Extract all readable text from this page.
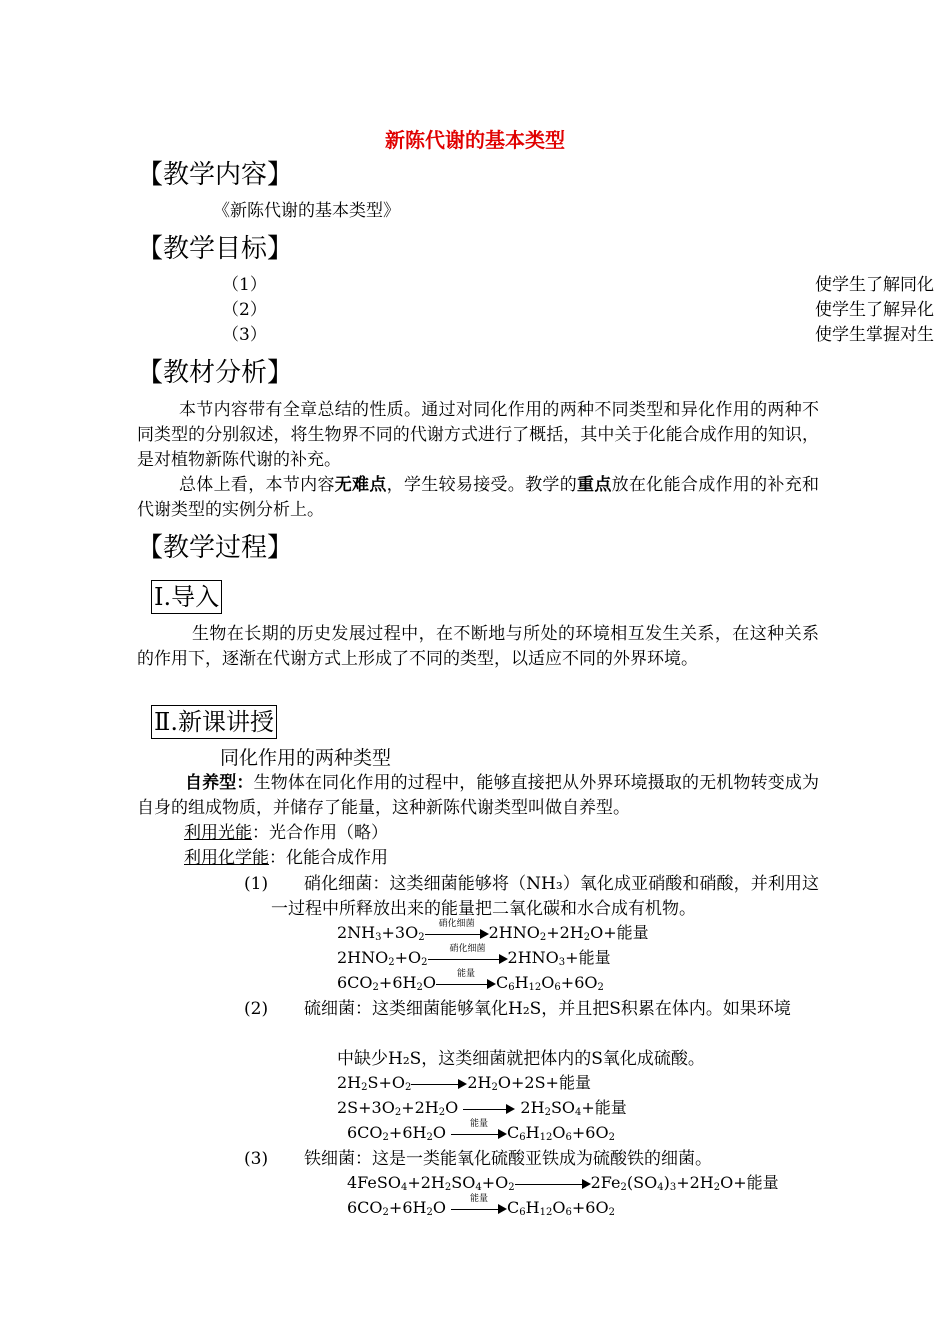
新陈代谢的基本类型
【教学内容】
《新陈代谢的基本类型》
【教学目标】
（1）	使学生了解同化
（2）	使学生了解异化
（3）	使学生掌握对生
【教材分析】
本节内容带有全章总结的性质。通过对同化作用的两种不同类型和异化作用的两种不同类型的分别叙述，将生物界不同的代谢方式进行了概括，其中关于化能合成作用的知识，是对植物新陈代谢的补充。
总体上看，本节内容无难点，学生较易接受。教学的重点放在化能合成作用的补充和代谢类型的实例分析上。
【教学过程】
Ⅰ.导入
生物在长期的历史发展过程中，在不断地与所处的环境相互发生关系，在这种关系的作用下，逐渐在代谢方式上形成了不同的类型，以适应不同的外界环境。
Ⅱ.新课讲授
同化作用的两种类型
自养型：生物体在同化作用的过程中，能够直接把从外界环境摄取的无机物转变成为自身的组成物质，并储存了能量，这种新陈代谢类型叫做自养型。
利用光能：光合作用（略）
利用化学能：化能合成作用
(1)	硝化细菌：这类细菌能够将（NH₃）氧化成亚硝酸和硝酸，并利用这一过程中所释放出来的能量把二氧化碳和水合成有机物。
$2NH_3+3O_2$
硝化细菌 $2HNO_2+2H_2O+$能量
$2HNO_2+O_2$
硝化细菌	$2HNO_3+$能量
$6CO_2+6H_2O$	能量	$C_6H_{12}O_6+6O_2$
(2)	硫细菌：这类细菌能够氧化H₂S，并且把S积累在体内。如果环境
中缺少H₂S，这类细菌就把体内的S氧化成硫酸。
$2H_2S+O_2$	$2H_2O+2S+$能量
$2S+3O_2+2H_2O$	$2H_2SO_4+$能量
$6CO_2+6H_2O$	能量	$C_6H_{12}O_6+6O_2$
(3) 铁细菌：这是一类能氧化硫酸亚铁成为硫酸铁的细菌。
$4FeSO_4+2H_2SO_4+O_2$	$2Fe_2(SO_4)_3+2H_2O+$能量
$6CO_2+6H_2O$	能量	$C_6H_{12}O_6+6O_2$
